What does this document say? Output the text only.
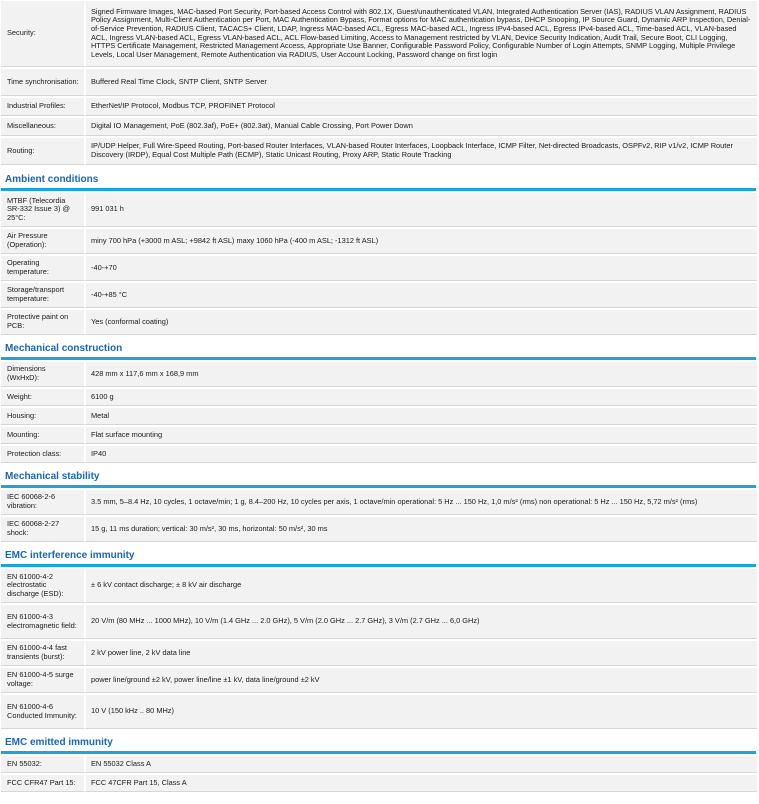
Security:	Signed Firmware Images, MAC-based Port Security, Port-based Access Control with 802.1X, Guest/unauthenticated VLAN, Integrated Authentication Server (IAS), RADIUS VLAN Assignment, RADIUS Policy Assignment, Multi-Client Authentication per Port, MAC Authentication Bypass, Format options for MAC authentication bypass, DHCP Snooping, IP Source Guard, Dynamic ARP Inspection, Denial-of-Service Prevention, RADIUS Client, TACACS+ Client, LDAP, Ingress MAC-based ACL, Egress MAC-based ACL, Ingress IPv4-based ACL, Egress IPv4-based ACL, Time-based ACL, VLAN-based ACL, Ingress VLAN-based ACL, Egress VLAN-based ACL, ACL Flow-based Limiting, Access to Management restricted by VLAN, Device Security Indication, Audit Trail, Secure Boot, CLI Logging, HTTPS Certificate Management, Restricted Management Access, Appropriate Use Banner, Configurable Password Policy, Configurable Number of Login Attempts, SNMP Logging, Multiple Privilege Levels, Local User Management, Remote Authentication via RADIUS, User Account Locking, Password change on first login
Time synchronisation:	Buffered Real Time Clock, SNTP Client, SNTP Server
Industrial Profiles:	EtherNet/IP Protocol, Modbus TCP, PROFINET Protocol
Miscellaneous:	Digital IO Management, PoE (802.3af), PoE+ (802.3at), Manual Cable Crossing, Port Power Down
Routing:	IP/UDP Helper, Full Wire-Speed Routing, Port-based Router Interfaces, VLAN-based Router Interfaces, Loopback Interface, ICMP Filter, Net-directed Broadcasts, OSPFv2, RIP v1/v2, ICMP Router Discovery (IRDP), Equal Cost Multiple Path (ECMP), Static Unicast Routing, Proxy ARP, Static Route Tracking
Ambient conditions
MTBF (Telecordia SR-332 Issue 3) @ 25°C:	991 031 h
Air Pressure (Operation):	miny 700 hPa (+3000 m ASL; +9842 ft ASL) maxy 1060 hPa (-400 m ASL; -1312 ft ASL)
Operating temperature:	-40-+70
Storage/transport temperature:	-40-+85 °C
Protective paint on PCB:	Yes (conformal coating)
Mechanical construction
Dimensions (WxHxD):	428 mm x 117,6 mm x 168,9 mm
Weight:	6100 g
Housing:	Metal
Mounting:	Flat surface mounting
Protection class:	IP40
Mechanical stability
IEC 60068-2-6 vibration:	3.5 mm, 5–8.4 Hz, 10 cycles, 1 octave/min; 1 g, 8.4–200 Hz, 10 cycles per axis, 1 octave/min operational: 5 Hz ... 150 Hz, 1,0 m/s² (rms) non operational: 5 Hz ... 150 Hz, 5,72 m/s² (rms)
IEC 60068-2-27 shock:	15 g, 11 ms duration; vertical: 30 m/s², 30 ms, horizontal: 50 m/s², 30 ms
EMC interference immunity
EN 61000-4-2 electrostatic discharge (ESD):	± 6 kV contact discharge; ± 8 kV air discharge
EN 61000-4-3 electromagnetic field:	20 V/m (80 MHz ... 1000 MHz), 10 V/m (1.4 GHz ... 2.0 GHz), 5 V/m (2.0 GHz ... 2.7 GHz), 3 V/m (2.7 GHz ... 6,0 GHz)
EN 61000-4-4 fast transients (burst):	2 kV power line, 2 kV data line
EN 61000-4-5 surge voltage:	power line/ground ±2 kV, power line/line ±1 kV, data line/ground ±2 kV
EN 61000-4-6 Conducted Immunity:	10 V (150 kHz .. 80 MHz)
EMC emitted immunity
EN 55032:	EN 55032 Class A
FCC CFR47 Part 15:	FCC 47CFR Part 15, Class A
